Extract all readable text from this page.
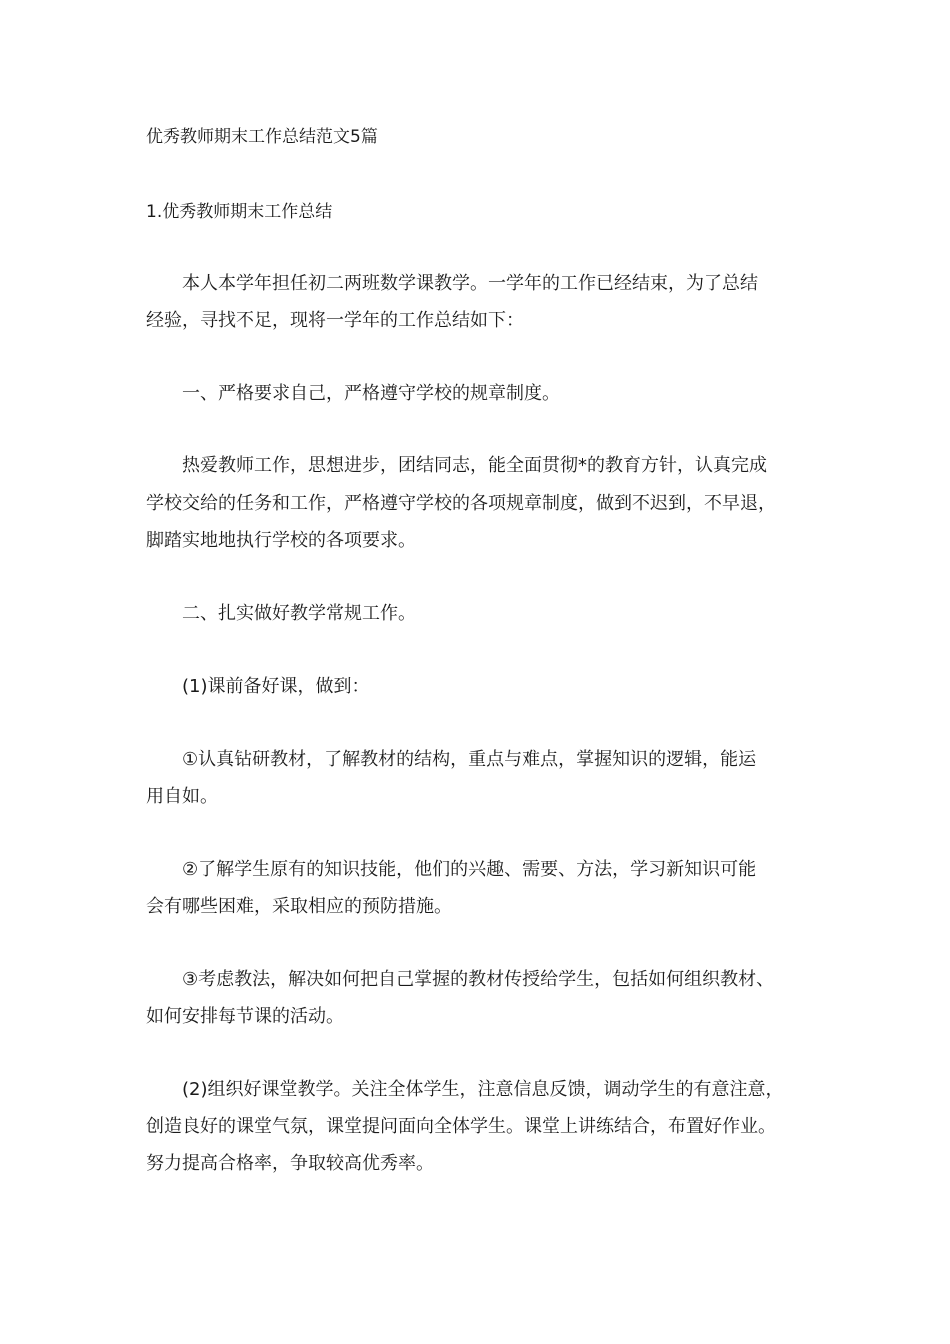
优秀教师期末工作总结范文5篇
1.优秀教师期末工作总结
本人本学年担任初二两班数学课教学。一学年的工作已经结束，为了总结
经验，寻找不足，现将一学年的工作总结如下：
一、严格要求自己，严格遵守学校的规章制度。
热爱教师工作，思想进步，团结同志，能全面贯彻*的教育方针，认真完成
学校交给的任务和工作，严格遵守学校的各项规章制度，做到不迟到，不早退，
脚踏实地地执行学校的各项要求。
二、扎实做好教学常规工作。
(1)课前备好课，做到：
①认真钻研教材，了解教材的结构，重点与难点，掌握知识的逻辑，能运
用自如。
②了解学生原有的知识技能，他们的兴趣、需要、方法，学习新知识可能
会有哪些困难，采取相应的预防措施。
③考虑教法，解决如何把自己掌握的教材传授给学生，包括如何组织教材、
如何安排每节课的活动。
(2)组织好课堂教学。关注全体学生，注意信息反馈，调动学生的有意注意，
创造良好的课堂气氛，课堂提问面向全体学生。课堂上讲练结合，布置好作业。
努力提高合格率，争取较高优秀率。
